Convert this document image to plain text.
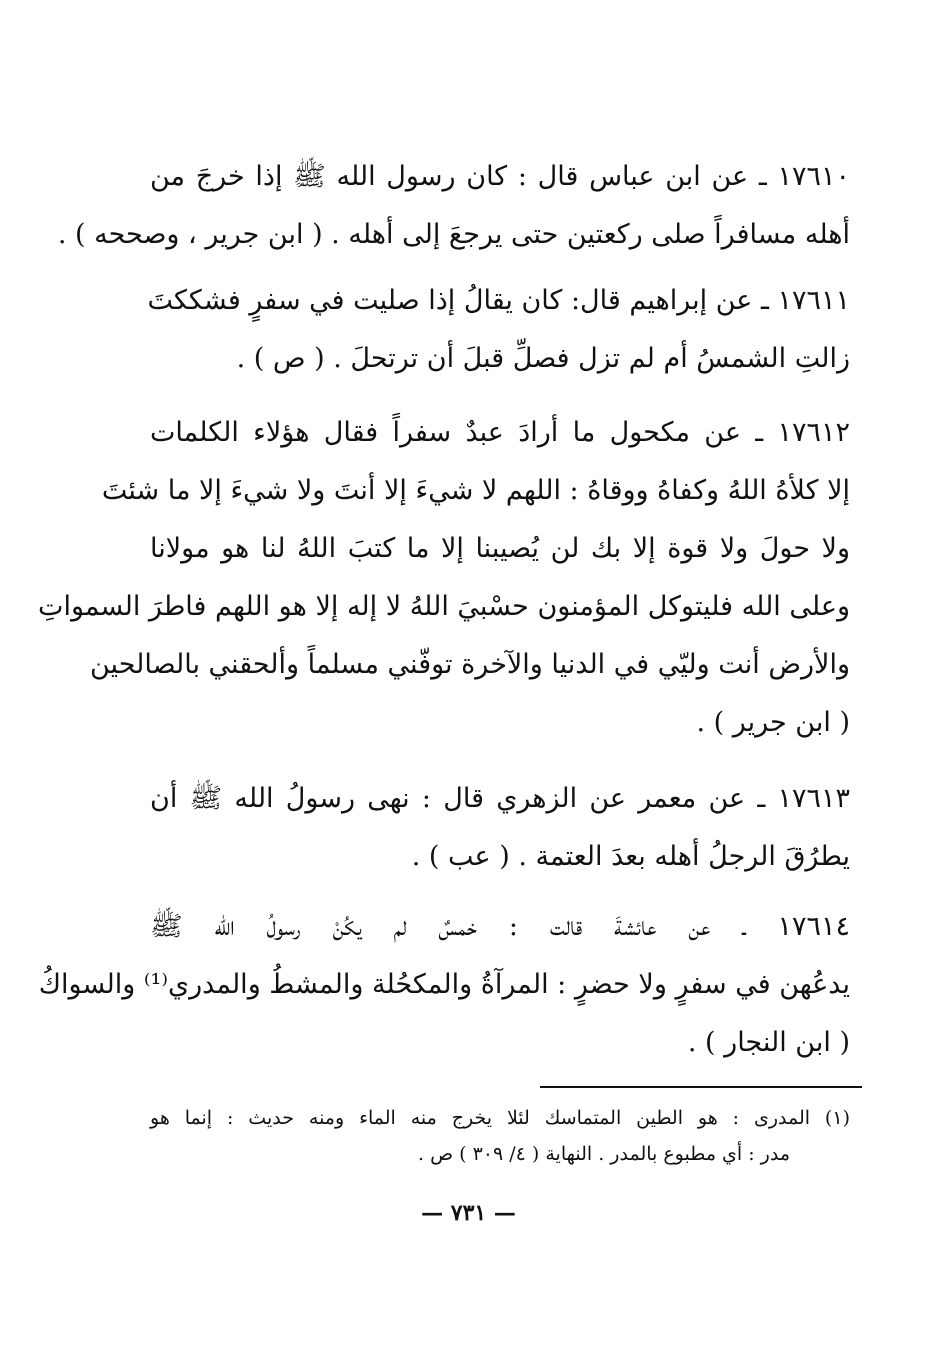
١٧٦١٠ ـ عن ابن عباس قال : كان رسول الله ﷺ إذا خرجَ من
أهله مسافراً صلى ركعتين حتى يرجعَ إلى أهله . ( ابن جرير ، وصححه ) .
١٧٦١١ ـ عن إبراهيم قال: كان يقالُ إذا صليت في سفرٍ فشككتَ
زالتِ الشمسُ أم لم تزل فصلِّ قبلَ أن ترتحلَ . ( ص ) .
١٧٦١٢ ـ عن مكحول ما أرادَ عبدٌ سفراً فقال هؤلاء الكلمات
إلا كلأهُ اللهُ وكفاهُ ووقاهُ : اللهم لا شيءَ إلا أنتَ ولا شيءَ إلا ما شئتَ
ولا حولَ ولا قوة إلا بك لن يُصيبنا إلا ما كتبَ اللهُ لنا هو مولانا
وعلى الله فليتوكل المؤمنون حسْبيَ اللهُ لا إله إلا هو اللهم فاطرَ السمواتِ
والأرض أنت وليّي في الدنيا والآخرة توفّني مسلماً وألحقني بالصالحين
( ابن جرير ) .
١٧٦١٣ ـ عن معمر عن الزهري قال : نهى رسولُ الله ﷺ أن
يطرُقَ الرجلُ أهله بعدَ العتمة . ( عب ) .
١٧٦١٤ ـ عن عائشةَ قالت : خمسٌ لم يكُنْ رسولُ الله ﷺ
يدعُهن في سفرٍ ولا حضرٍ : المرآةُ والمكحُلة والمشطُ والمدري⁽¹⁾ والسواكُ
( ابن النجار ) .
(١) المدرى : هو الطين المتماسك لئلا يخرج منه الماء ومنه حديث : إنما هو
مدر : أي مطبوع بالمدر . النهاية ( ٤/ ٣٠٩ ) ص .
— ٧٣١ —
